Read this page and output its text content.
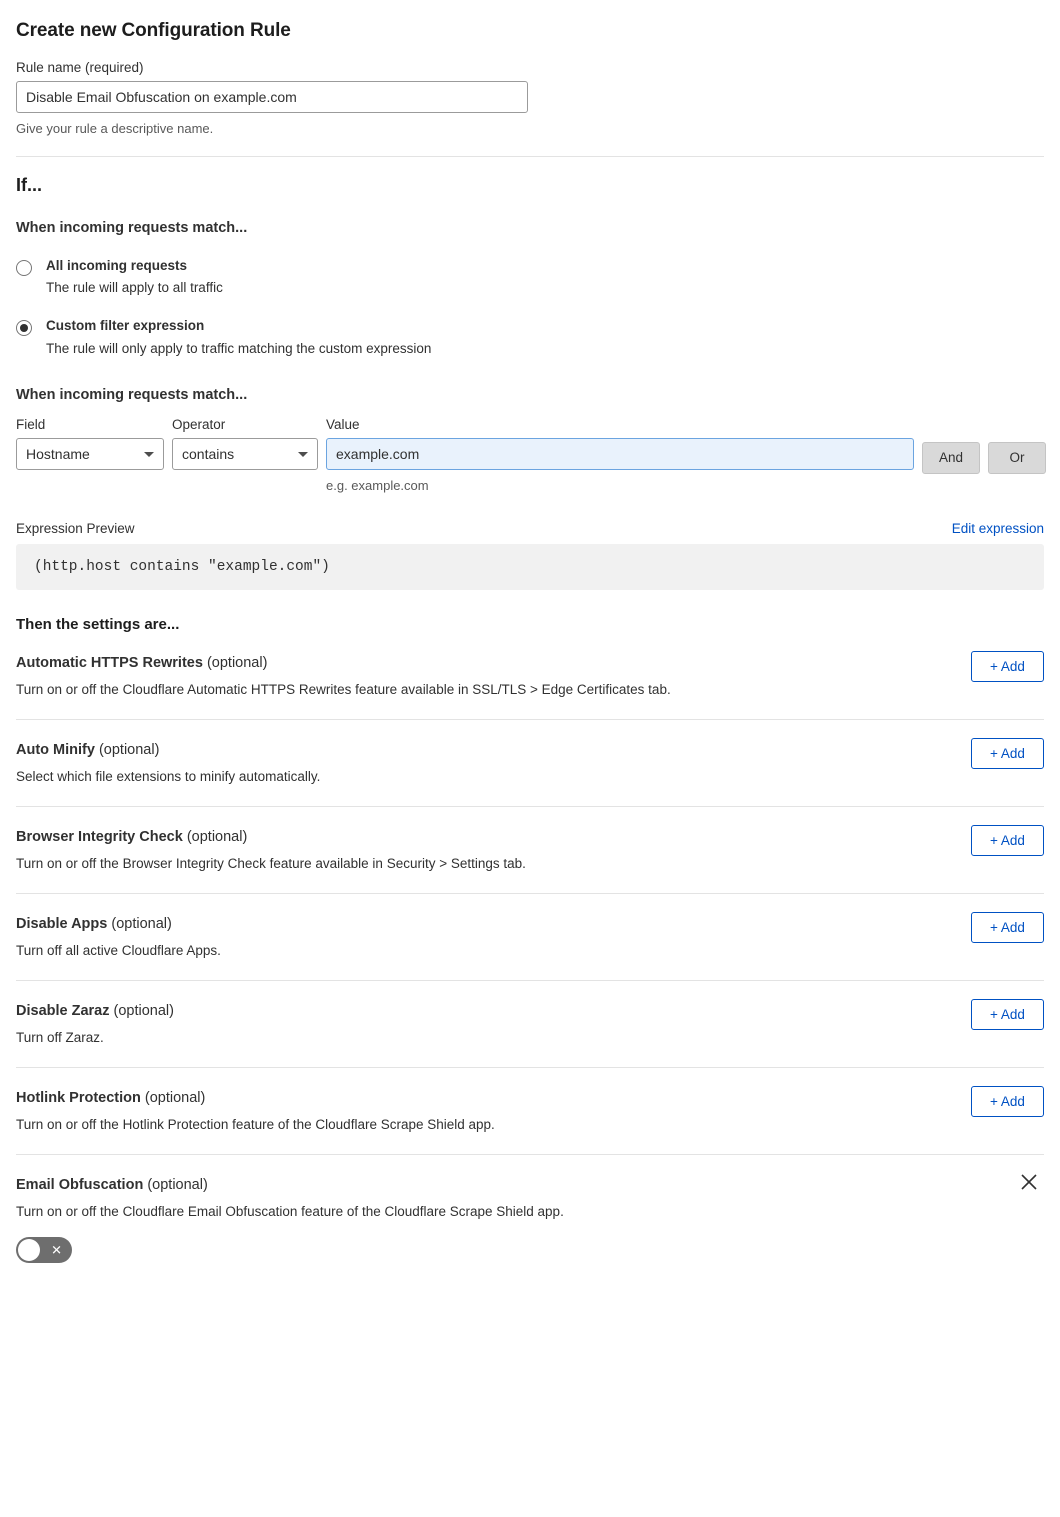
Create new Configuration Rule
Rule name (required)
Disable Email Obfuscation on example.com
Give your rule a descriptive name.
If...
When incoming requests match...
All incoming requests
The rule will apply to all traffic
Custom filter expression
The rule will only apply to traffic matching the custom expression
When incoming requests match...
Field
Hostname
Operator
contains
Value
example.com
e.g. example.com
And	Or
Expression Preview	Edit expression
(http.host contains "example.com")
Then the settings are...
Automatic HTTPS Rewrites (optional)
Turn on or off the Cloudflare Automatic HTTPS Rewrites feature available in SSL/TLS > Edge Certificates tab.
+ Add
Auto Minify (optional)
Select which file extensions to minify automatically.
+ Add
Browser Integrity Check (optional)
Turn on or off the Browser Integrity Check feature available in Security > Settings tab.
+ Add
Disable Apps (optional)
Turn off all active Cloudflare Apps.
+ Add
Disable Zaraz (optional)
Turn off Zaraz.
+ Add
Hotlink Protection (optional)
Turn on or off the Hotlink Protection feature of the Cloudflare Scrape Shield app.
+ Add
Email Obfuscation (optional)
Turn on or off the Cloudflare Email Obfuscation feature of the Cloudflare Scrape Shield app.
✕
